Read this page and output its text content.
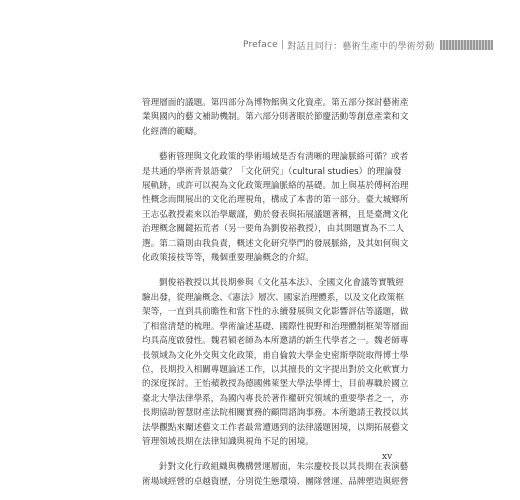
Preface | 對話且同行：藝術生產中的學術勞動

管理層面的議題。第四部分為博物館與文化資產。第五部分探討藝術產
業與國內的藝文補助機制。第六部分則著眼於節慶活動等創意產業和文
化經濟的範疇。

藝術管理與文化政策的學術場域是否有清晰的理論脈絡可循？或者
是共通的學術背景語彙？「文化研究」（cultural studies）的理論發
展軌跡，或許可以視為文化政策理論脈絡的基礎。加上與基於傅柯治理
性概念而開展出的文化治理視角，構成了本書的第一部分。臺大城鄉所
王志弘教授素來以治學嚴謹，勤於發表與拓展議題著稱，且是臺灣文化
治理概念關鍵拓荒者（另一要角為劉俊裕教授），由其開題實為不二人
選。第二篇則由我負責，概述文化研究學門的發展脈絡，及其如何與文
化政策接枝等等，幾個重要理論概念的介紹。

劉俊裕教授以其長期參與《文化基本法》、全國文化會議等實戰經
驗出發，從理論概念、《憲法》層次、國家治理體系，以及文化政策框
架等，一直到具前瞻性和當下性的永續發展與文化影響評估等議題，做
了相當清楚的梳理。學術論述基礎、國際性視野和治理體制框架等層面
均具高度啟發性。魏君穎老師為本所邀請的新生代學者之一。魏老師專
長領域為文化外交與文化政策，甫自倫敦大學金史密斯學院取得博士學
位，長期投入相關專題論述工作，以其擅長的文字提出對於文化軟實力
的深度探討。王怡蘋教授為德國佛萊堡大學法學博士，目前專職於國立
臺北大學法律學系，為國內專長於著作權研究領域的重要學者之一，亦
長期協助智慧財產法院相關實務的顧問諮詢事務。本所邀請王教授以其
法學觀點來闡述藝文工作者最常遭遇到的法律議題困境，以期拓展藝文
管理領域長期在法律知識與視角不足的困境。

針對文化行政組織與機構營運層面，朱宗慶校長以其長期在表演藝
術場域經營的卓越資歷，分別從生態環境、團隊營運、品牌塑造與經營

xv
